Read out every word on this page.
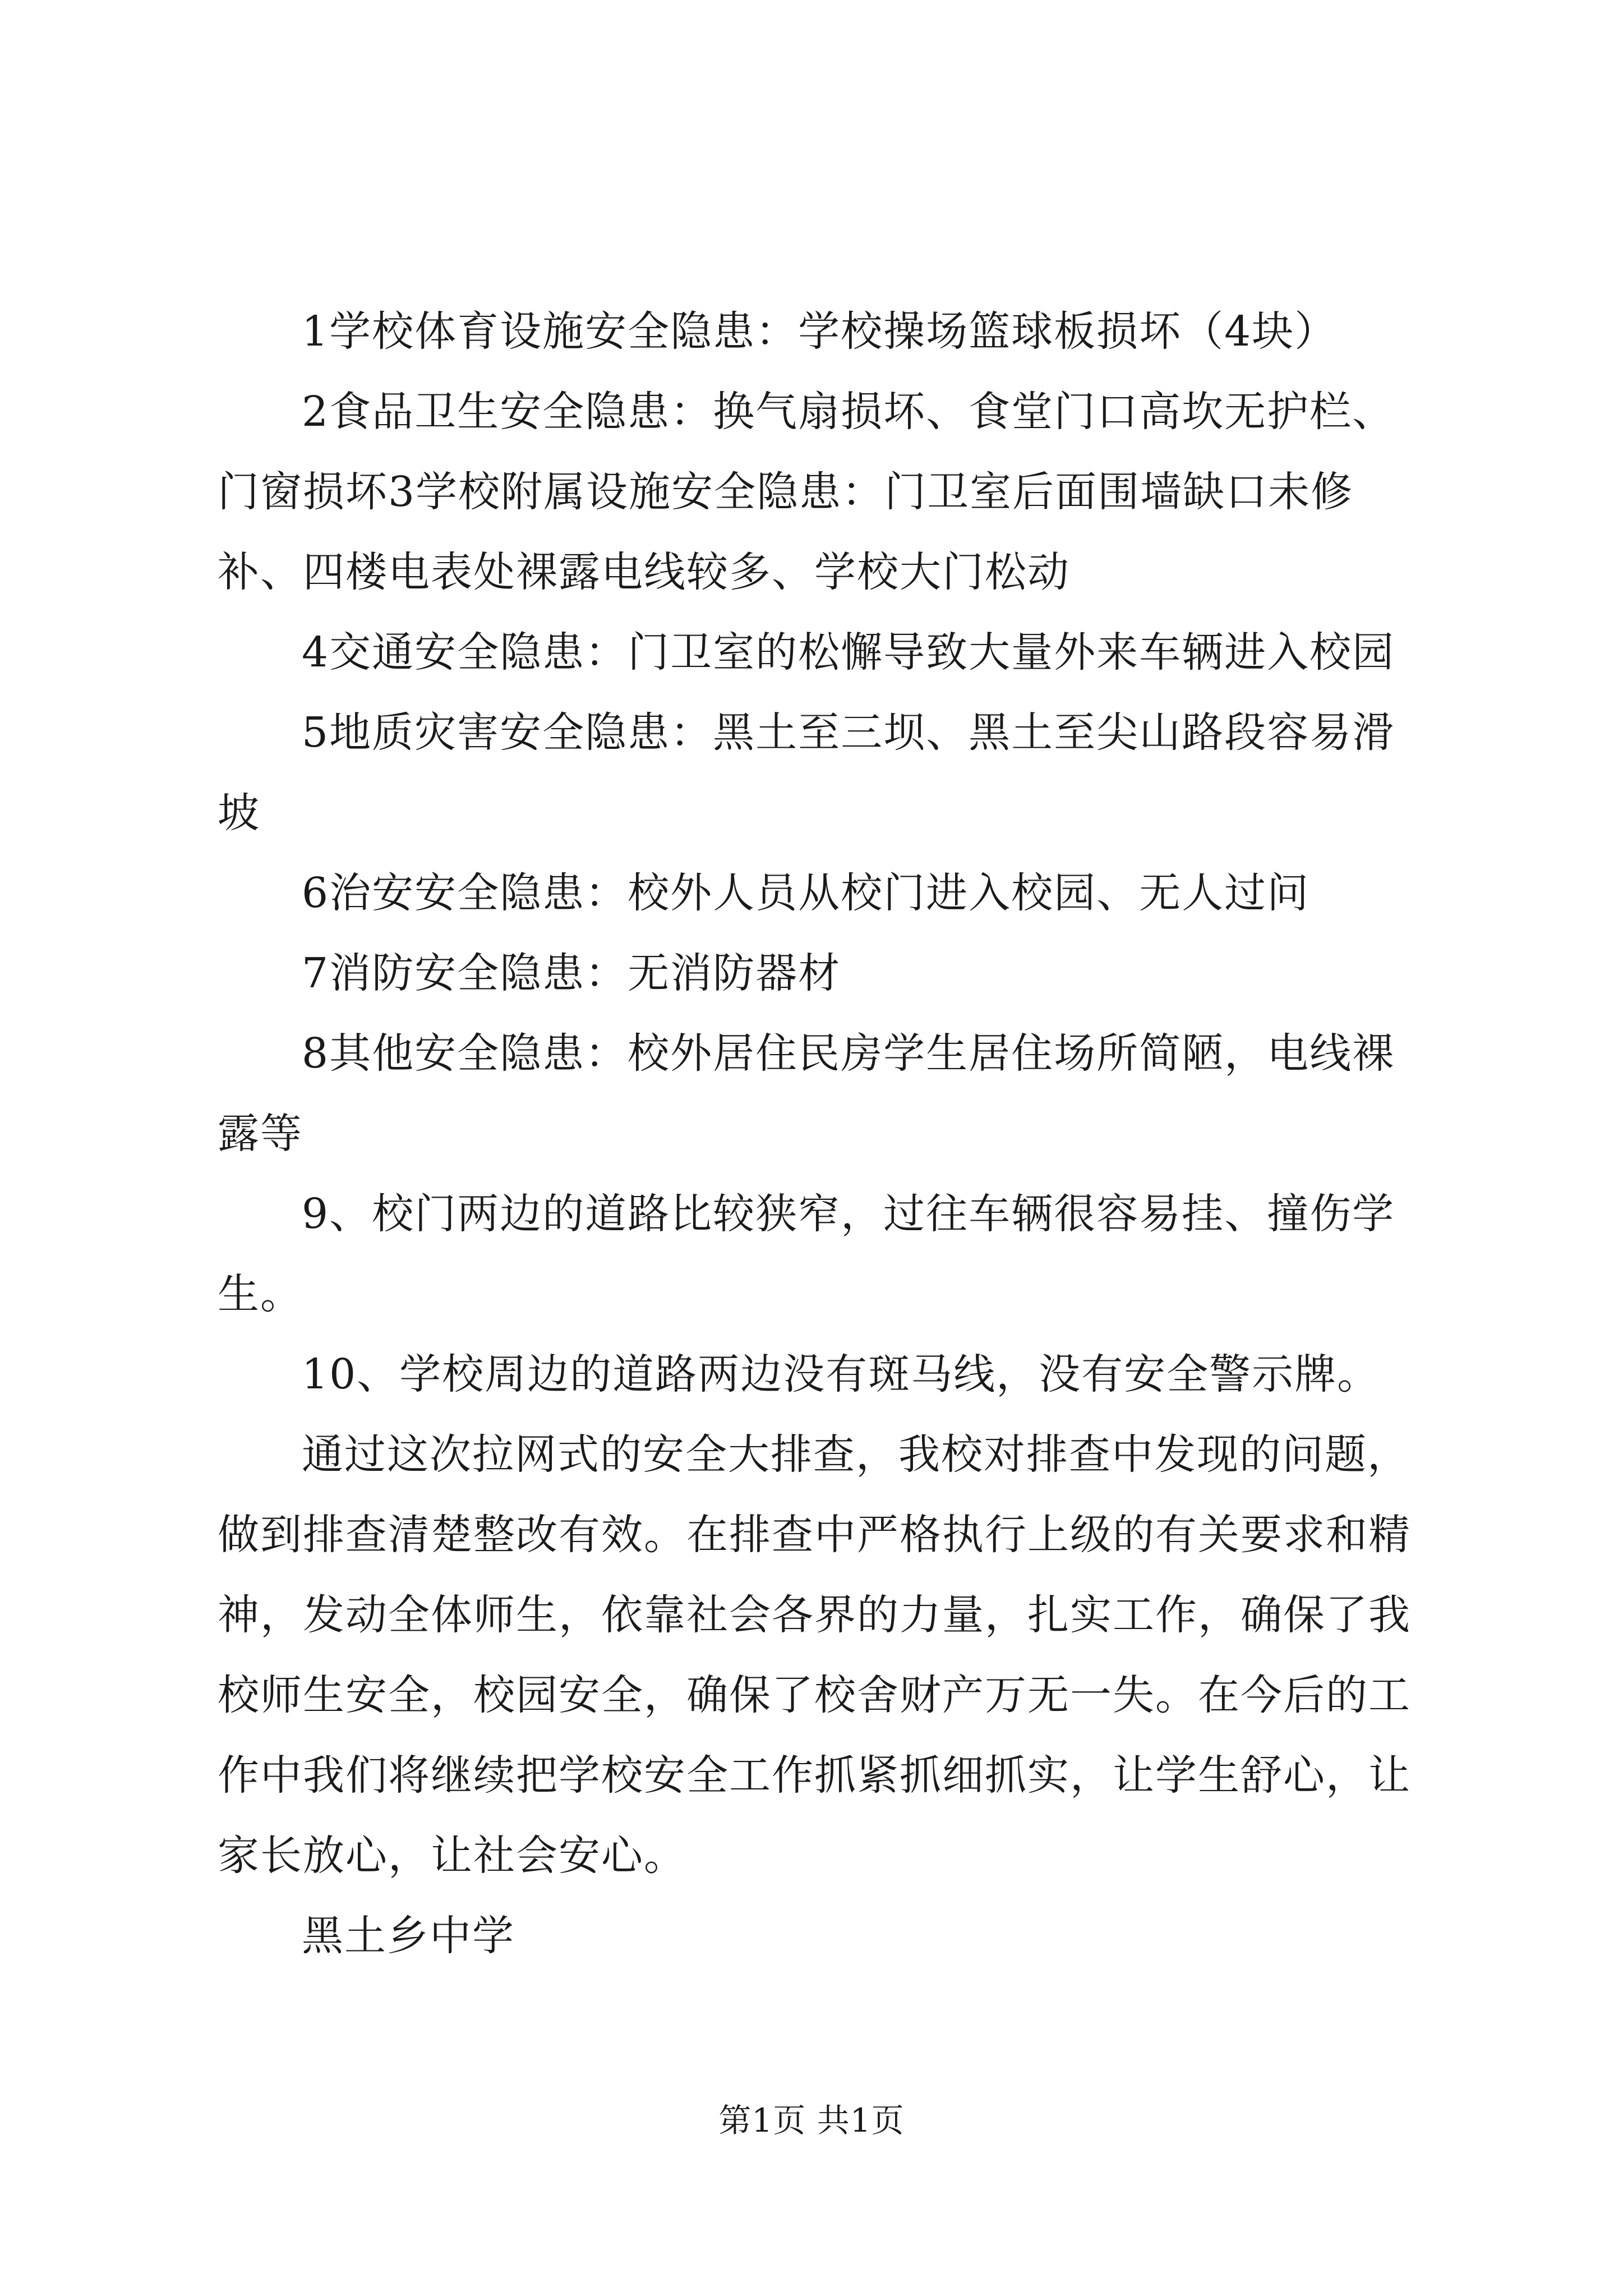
1学校体育设施安全隐患：学校操场篮球板损坏（4块）

2食品卫生安全隐患：换气扇损坏、食堂门口高坎无护栏、门窗损坏3学校附属设施安全隐患：门卫室后面围墙缺口未修补、四楼电表处裸露电线较多、学校大门松动

4交通安全隐患：门卫室的松懈导致大量外来车辆进入校园

5地质灾害安全隐患：黑土至三坝、黑土至尖山路段容易滑坡

6治安安全隐患：校外人员从校门进入校园、无人过问

7消防安全隐患：无消防器材

8其他安全隐患：校外居住民房学生居住场所简陋，电线裸露等

9、校门两边的道路比较狭窄，过往车辆很容易挂、撞伤学生。

10、学校周边的道路两边没有斑马线，没有安全警示牌。

通过这次拉网式的安全大排查，我校对排查中发现的问题，做到排查清楚整改有效。在排查中严格执行上级的有关要求和精神，发动全体师生，依靠社会各界的力量，扎实工作，确保了我校师生安全，校园安全，确保了校舍财产万无一失。在今后的工作中我们将继续把学校安全工作抓紧抓细抓实，让学生舒心，让家长放心，让社会安心。

黑土乡中学

第1页 共1页
